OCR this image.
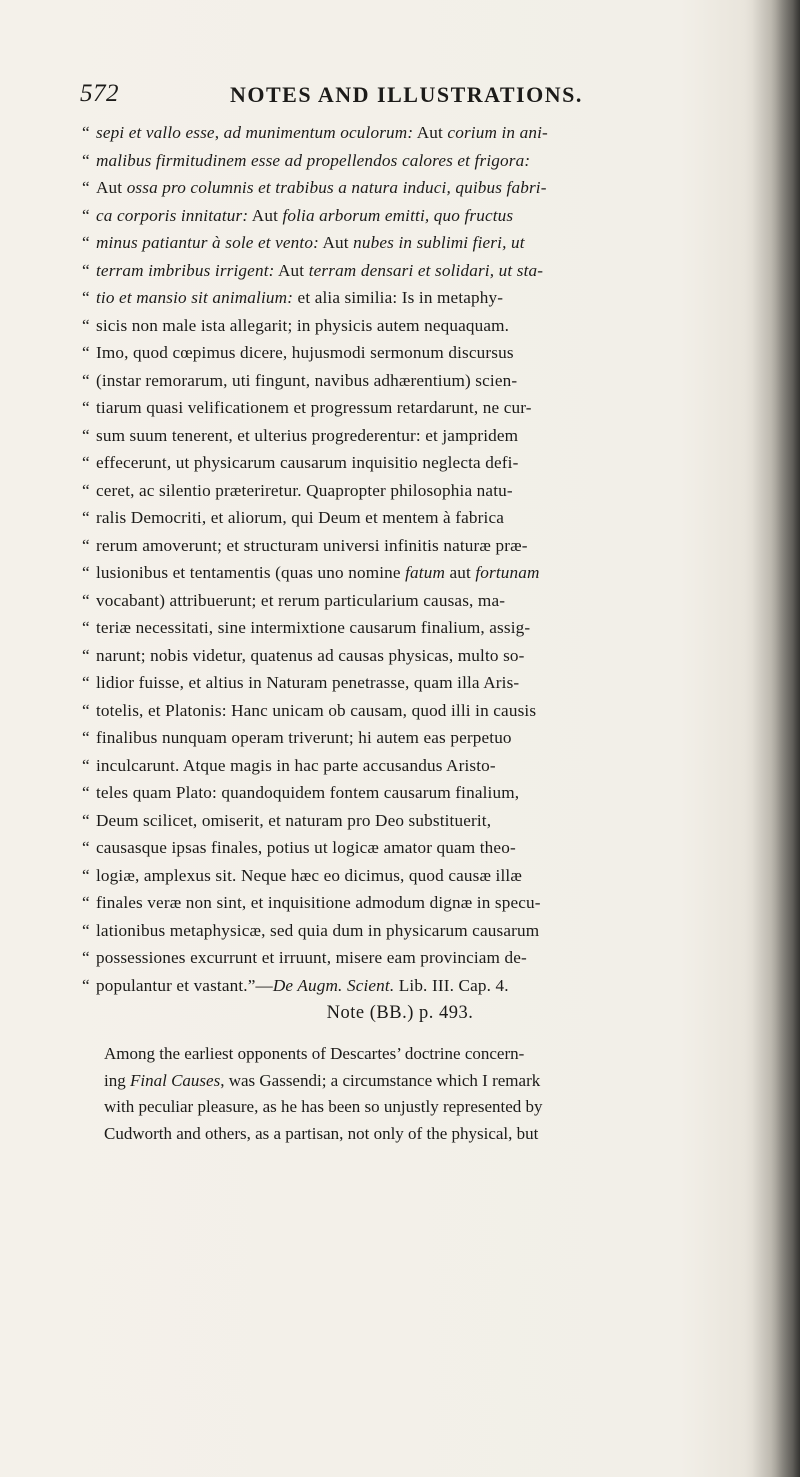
572	NOTES AND ILLUSTRATIONS.
“ sepi et vallo esse, ad munimentum oculorum: Aut corium in ani-
“ malibus firmitudinem esse ad propellendos calores et frigora:
“ Aut ossa pro columnis et trabibus a natura induci, quibus fabri-
“ ca corporis innitatur: Aut folia arborum emitti, quo fructus
“ minus patiantur à sole et vento: Aut nubes in sublimi fieri, ut
“ terram imbribus irrigent: Aut terram densari et solidari, ut sta-
“ tio et mansio sit animalium: et alia similia: Is in metaphy-
“ sicis non male ista allegarit; in physicis autem nequaquam.
“ Imo, quod cœpimus dicere, hujusmodi sermonum discursus
“ (instar remorarum, uti fingunt, navibus adhærentium) scien-
“ tiarum quasi velificationem et progressum retardarunt, ne cur-
“ sum suum tenerent, et ulterius progrederentur: et jampridem
“ effecerunt, ut physicarum causarum inquisitio neglecta defi-
“ ceret, ac silentio præteriretur. Quapropter philosophia natu-
“ ralis Democriti, et aliorum, qui Deum et mentem à fabrica
“ rerum amoverunt; et structuram universi infinitis naturæ præ-
“ lusionibus et tentamentis (quas uno nomine fatum aut fortunam
“ vocabant) attribuerunt; et rerum particularium causas, ma-
“ teriæ necessitati, sine intermixtione causarum finalium, assig-
“ narunt; nobis videtur, quatenus ad causas physicas, multo so-
“ lidior fuisse, et altius in Naturam penetrasse, quam illa Aris-
“ totelis, et Platonis: Hanc unicam ob causam, quod illi in causis
“ finalibus nunquam operam triverunt; hi autem eas perpetuo
“ inculcarunt. Atque magis in hac parte accusandus Aristo-
“ teles quam Plato: quandoquidem fontem causarum finalium,
“ Deum scilicet, omiserit, et naturam pro Deo substituerit,
“ causasque ipsas finales, potius ut logicæ amator quam theo-
“ logiæ, amplexus sit. Neque hæc eo dicimus, quod causæ illæ
“ finales veræ non sint, et inquisitione admodum dignæ in specu-
“ lationibus metaphysicæ, sed quia dum in physicarum causarum
“ possessiones excurrunt et irruunt, misere eam provinciam de-
“ populantur et vastant.”—De Augm. Scient. Lib. III. Cap. 4.
Note (BB.) p. 493.
Among the earliest opponents of Descartes’ doctrine concern-
ing Final Causes, was Gassendi; a circumstance which I remark
with peculiar pleasure, as he has been so unjustly represented by
Cudworth and others, as a partisan, not only of the physical, but
